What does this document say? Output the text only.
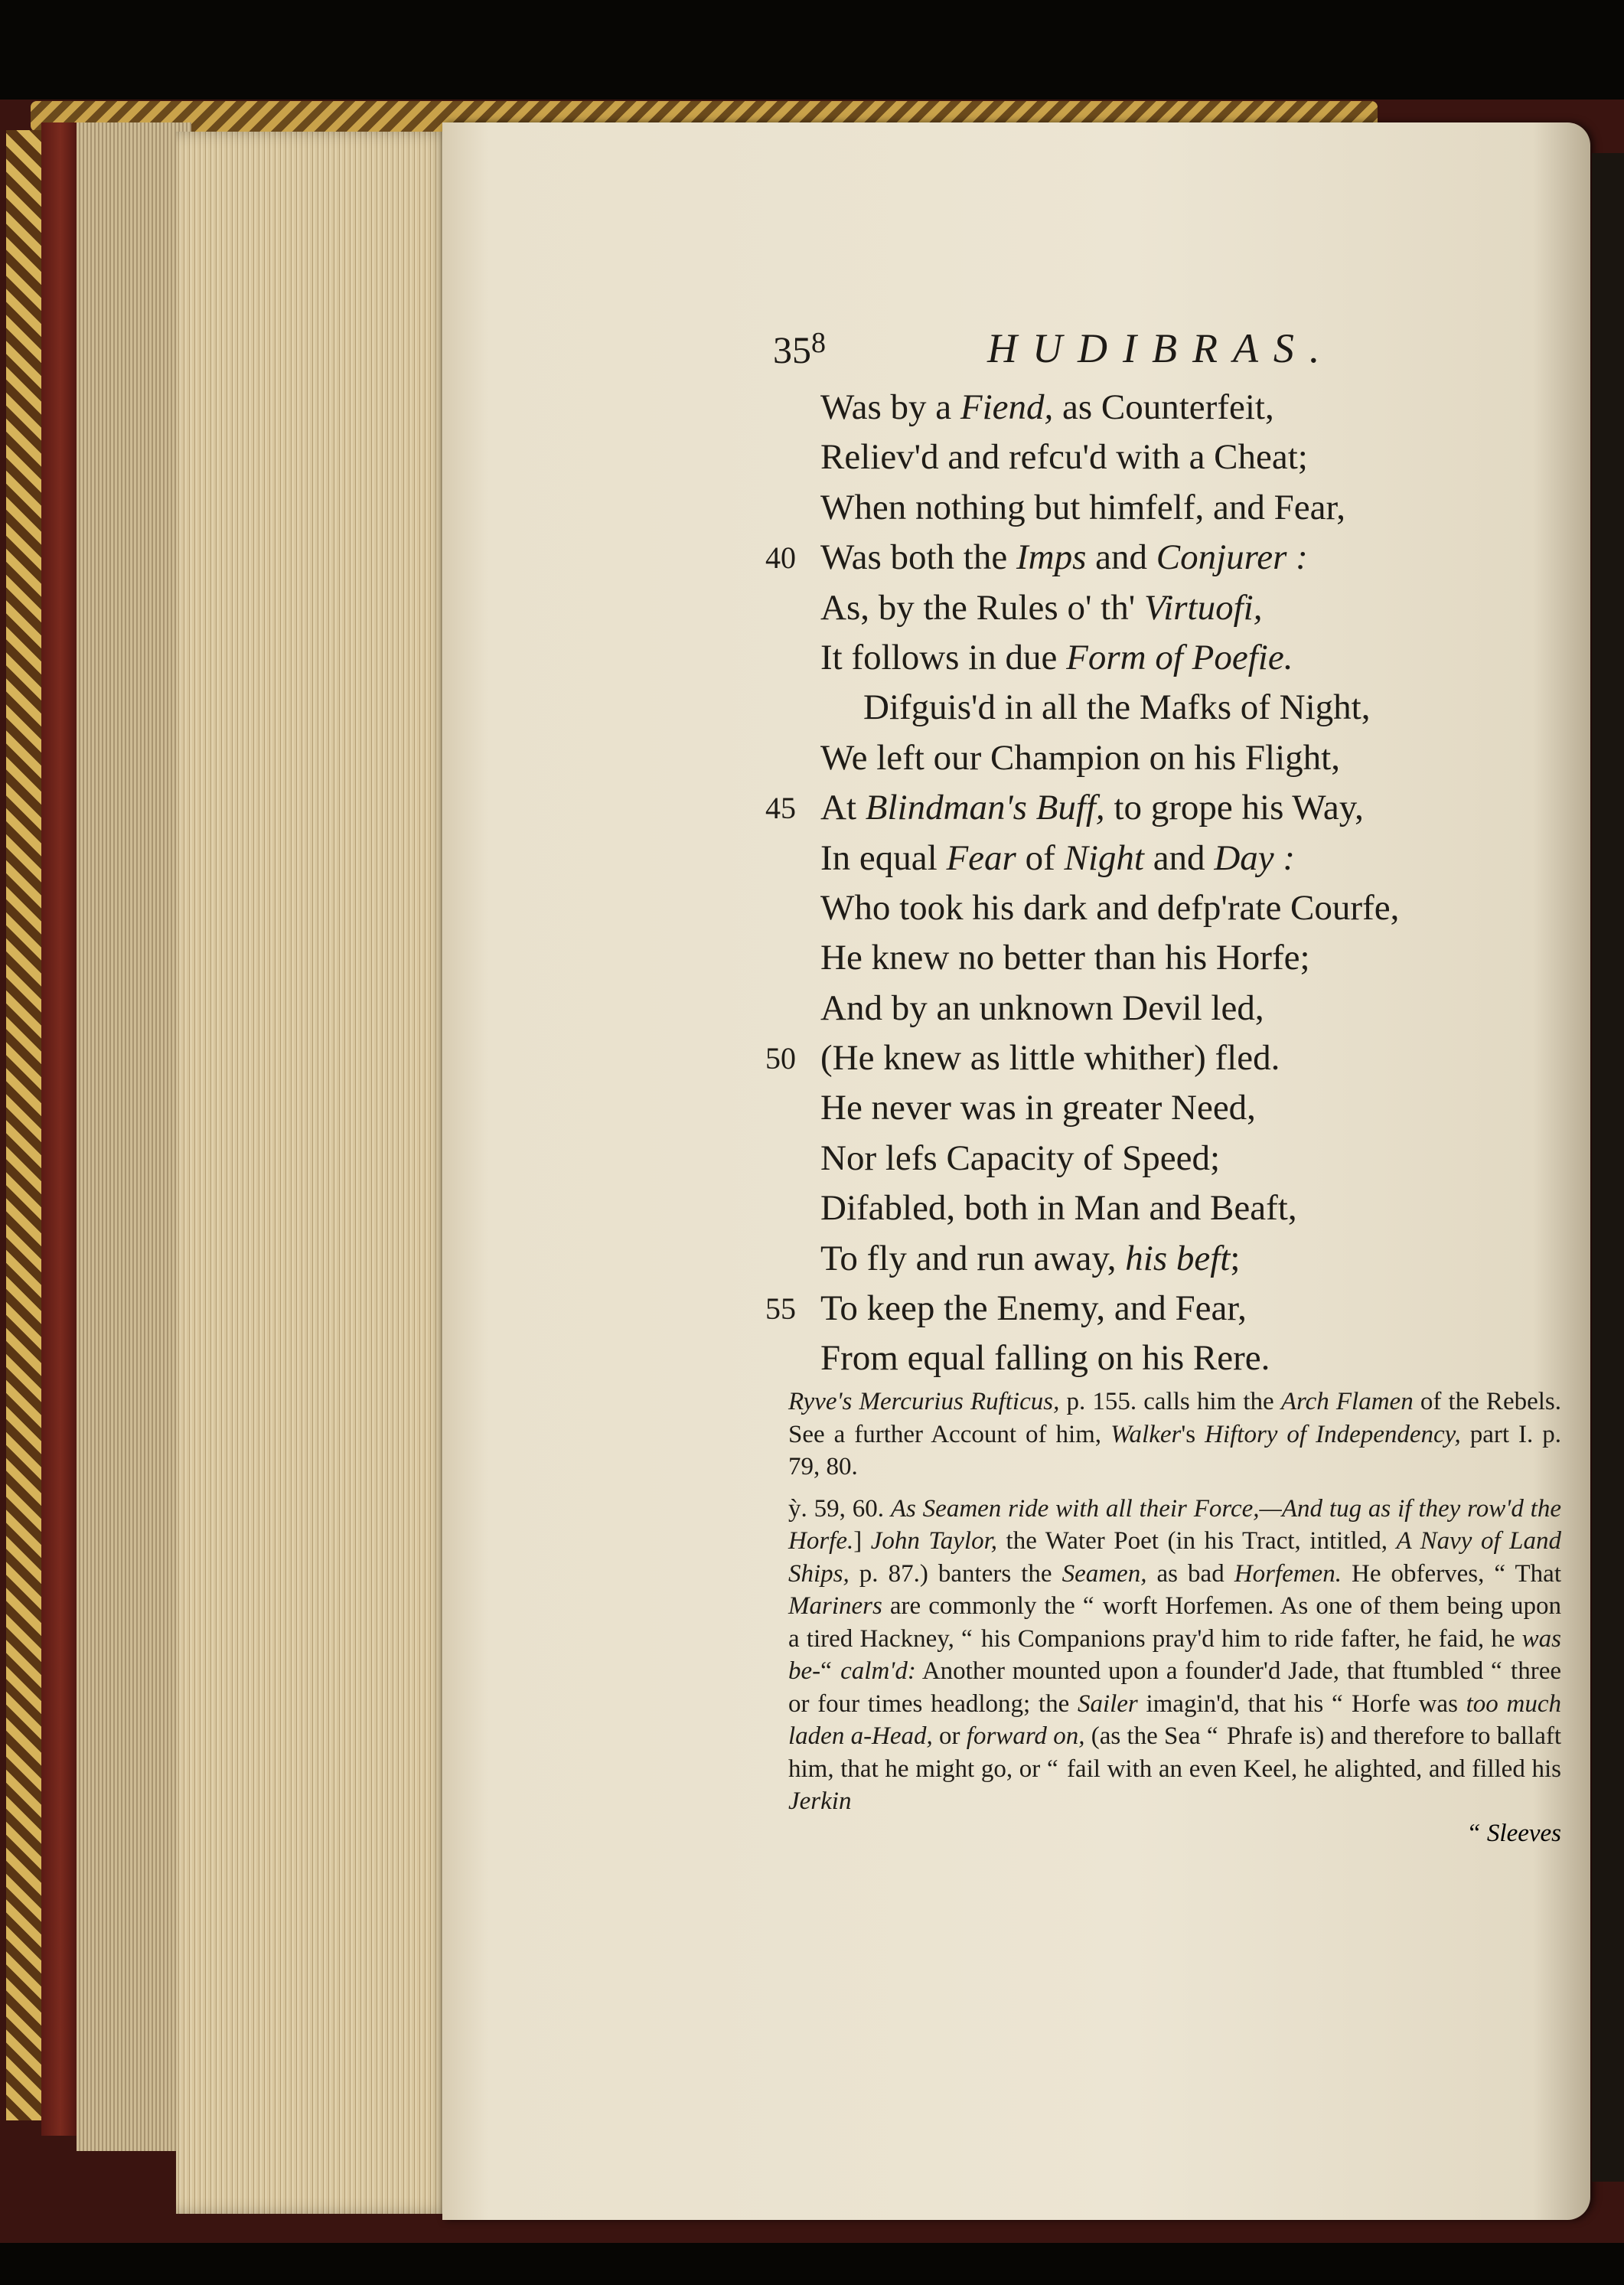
$35^8$	HUDIBRAS.
Was by a Fiend, as Counterfeit,
Reliev'd and refcu'd with a Cheat;
When nothing but himfelf, and Fear,
40 Was both the Imps and Conjurer :
As, by the Rules o' th' Virtuofi,
It follows in due Form of Poefie.
Difguis'd in all the Mafks of Night,
We left our Champion on his Flight,
45 At Blindman's Buff, to grope his Way,
In equal Fear of Night and Day :
Who took his dark and defp'rate Courfe,
He knew no better than his Horfe;
And by an unknown Devil led,
50 (He knew as little whither) fled.
He never was in greater Need,
Nor lefs Capacity of Speed;
Difabled, both in Man and Beaft,
To fly and run away, his beft;
55 To keep the Enemy, and Fear,
From equal falling on his Rere.

Ryve's Mercurius Rufticus, p. 155. calls him the Arch Flamen of the Rebels. See a further Account of him, Walker's Hiftory of Independency, part I. p. 79, 80.

ỳ. 59, 60. As Seamen ride with all their Force,—And tug as if they row'd the Horfe.] John Taylor, the Water Poet (in his Tract, intitled, A Navy of Land Ships, p. 87.) banters the Seamen, as bad Horfemen. He obferves, “ That Mariners are commonly the “ worft Horfemen. As one of them being upon a tired Hackney, “ his Companions pray'd him to ride fafter, he faid, he was be-“ calm'd: Another mounted upon a founder'd Jade, that ftumbled “ three or four times headlong; the Sailer imagin'd, that his “ Horfe was too much laden a-Head, or forward on, (as the Sea “ Phrafe is) and therefore to ballaft him, that he might go, or “ fail with an even Keel, he alighted, and filled his Jerkin

“ Sleeves
